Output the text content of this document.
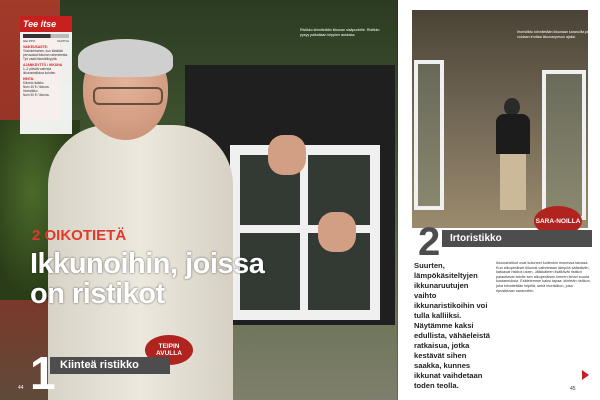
HELPPO	VAATIVA
VAIKEUSASTE:
Yksinkertainen, kun käsittää perusasiat ikkunan rakenteesta. Työ vaatii täsmällisyyttä.
AJANKÄYTTÖ / IKKUNA
1–2 päivää valmista ikkunaristikkoa kohden.
HINTA:
Kiinteä ristikko
Noin 40 € / ikkuna.
Irtoristikko
Noin 50 € / ikkuna.
Tee itse
Ristikko kiinnitetään ikkunan sisäpuolelle. Ristikko pysyy paikallaan teippien ansiosta.
2 OIKOTIETÄ
Ikkunoihin, joissa on ristikot
TEIPIN AVULLA
Kiinteä ristikko
1
44
Irtoristikko kiinnitetään ikkunaan saranoilla ja voidaan irrottaa ikkunanpesun ajaksi.
SARA-NOILLA
Irtoristikko
2
Suurten, lämpökäsiteltyjen ikkunaruutujen vaihto ikkunaristikoihin voi tulla kalliiksi. Näytämme kaksi edullista, vähäeleistä ratkaisua, jotka kestävät sihen saakka, kunnes ikkunat vaihdetaan toden teolla.
Ikkunaristikot ovat kuluneet kuitenkin monessa talossa. Kun alkuperäiset ikkunat vaihdetaan lämpöä säästäviin, katoavat ristikot usein. Jälkikäteen lisättävät ristikot palauttavat talolle sen alkuperäisen ilmeen ilman suuria kustannuksia. Esittelemme kaksi tapaa: kiinteän ristikon, joka kiinnitetään teipillä, sekä irtoristikon, joka ripustetaan saranoihin.
45
